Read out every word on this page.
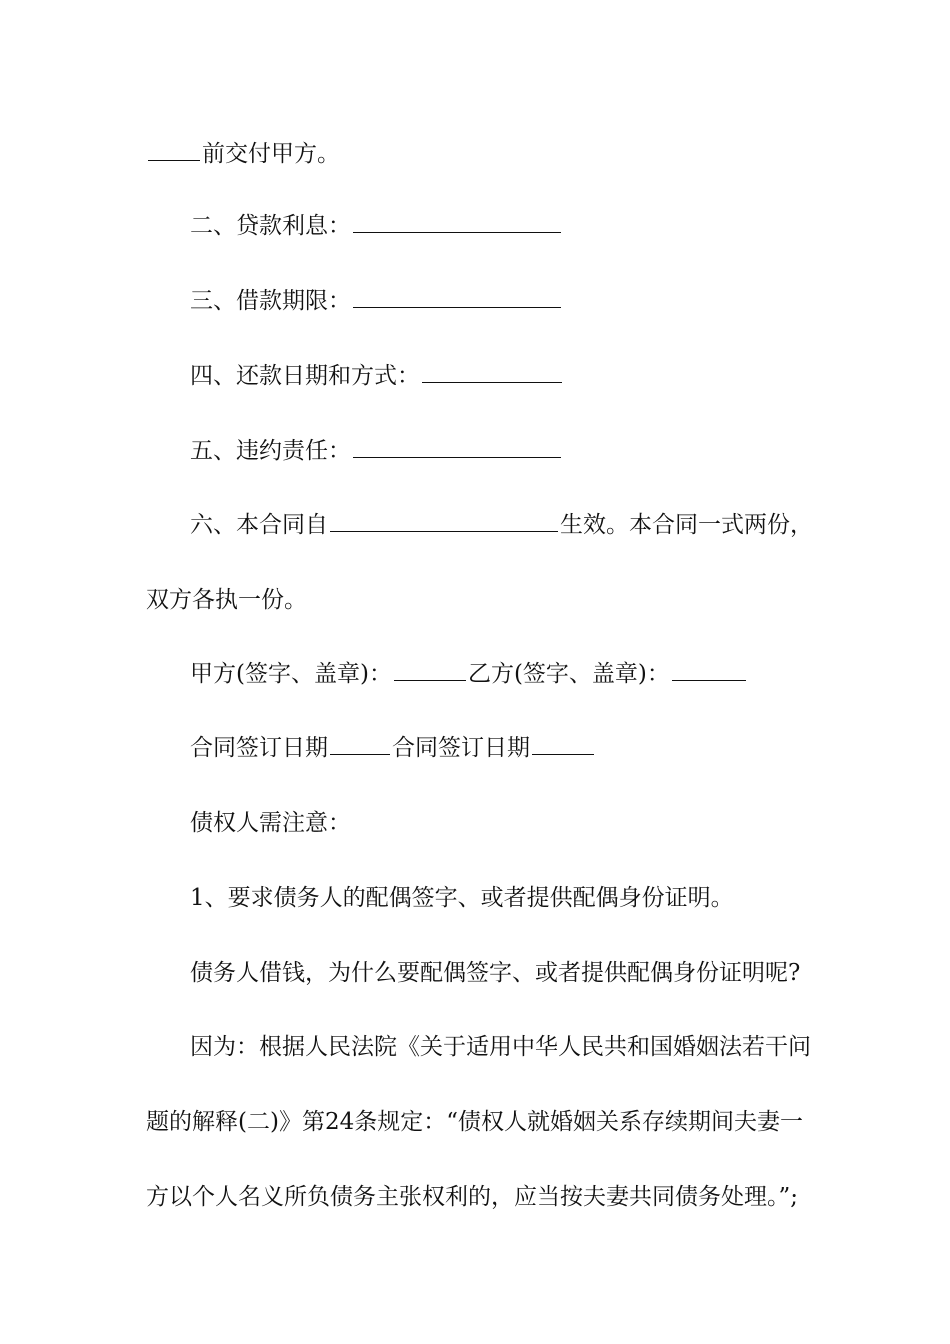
前交付甲方。
二、贷款利息：
三、借款期限：
四、还款日期和方式：
五、违约责任：
六、本合同自	生效。本合同一式两份，
双方各执一份。
甲方(签字、盖章)：	乙方(签字、盖章)：
合同签订日期	合同签订日期
债权人需注意：
1、要求债务人的配偶签字、或者提供配偶身份证明。
债务人借钱，为什么要配偶签字、或者提供配偶身份证明呢?
因为：根据人民法院《关于适用中华人民共和国婚姻法若干问
题的解释(二)》第24条规定：“债权人就婚姻关系存续期间夫妻一
方以个人名义所负债务主张权利的，应当按夫妻共同债务处理。”;
